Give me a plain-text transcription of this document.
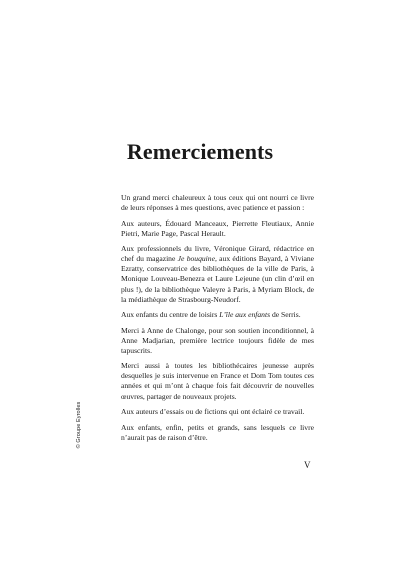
Remerciements

Un grand merci chaleureux à tous ceux qui ont nourri ce livre de leurs réponses à mes questions, avec patience et passion :

Aux auteurs, Édouard Manceaux, Pierrette Fleutiaux, Annie Pietri, Marie Page, Pascal Herault.

Aux professionnels du livre, Véronique Girard, rédactrice en chef du magazine Je bouquine, aux éditions Bayard, à Viviane Ezratty, conservatrice des bibliothèques de la ville de Paris, à Monique Louveau-Benezra et Laure Lejeune (un clin d’œil en plus !), de la bibliothèque Valeyre à Paris, à Myriam Block, de la médiathèque de Strasbourg-Neudorf.

Aux enfants du centre de loisirs L’île aux enfants de Serris.

Merci à Anne de Chalonge, pour son soutien inconditionnel, à Anne Madjarian, première lectrice toujours fidèle de mes tapuscrits.

Merci aussi à toutes les bibliothécaires jeunesse auprès desquelles je suis intervenue en France et Dom Tom toutes ces années et qui m’ont à chaque fois fait découvrir de nouvelles œuvres, partager de nouveaux projets.

Aux auteurs d’essais ou de fictions qui ont éclairé ce travail.

Aux enfants, enfin, petits et grands, sans lesquels ce livre n’aurait pas de raison d’être.

© Groupe Eyrolles
V
